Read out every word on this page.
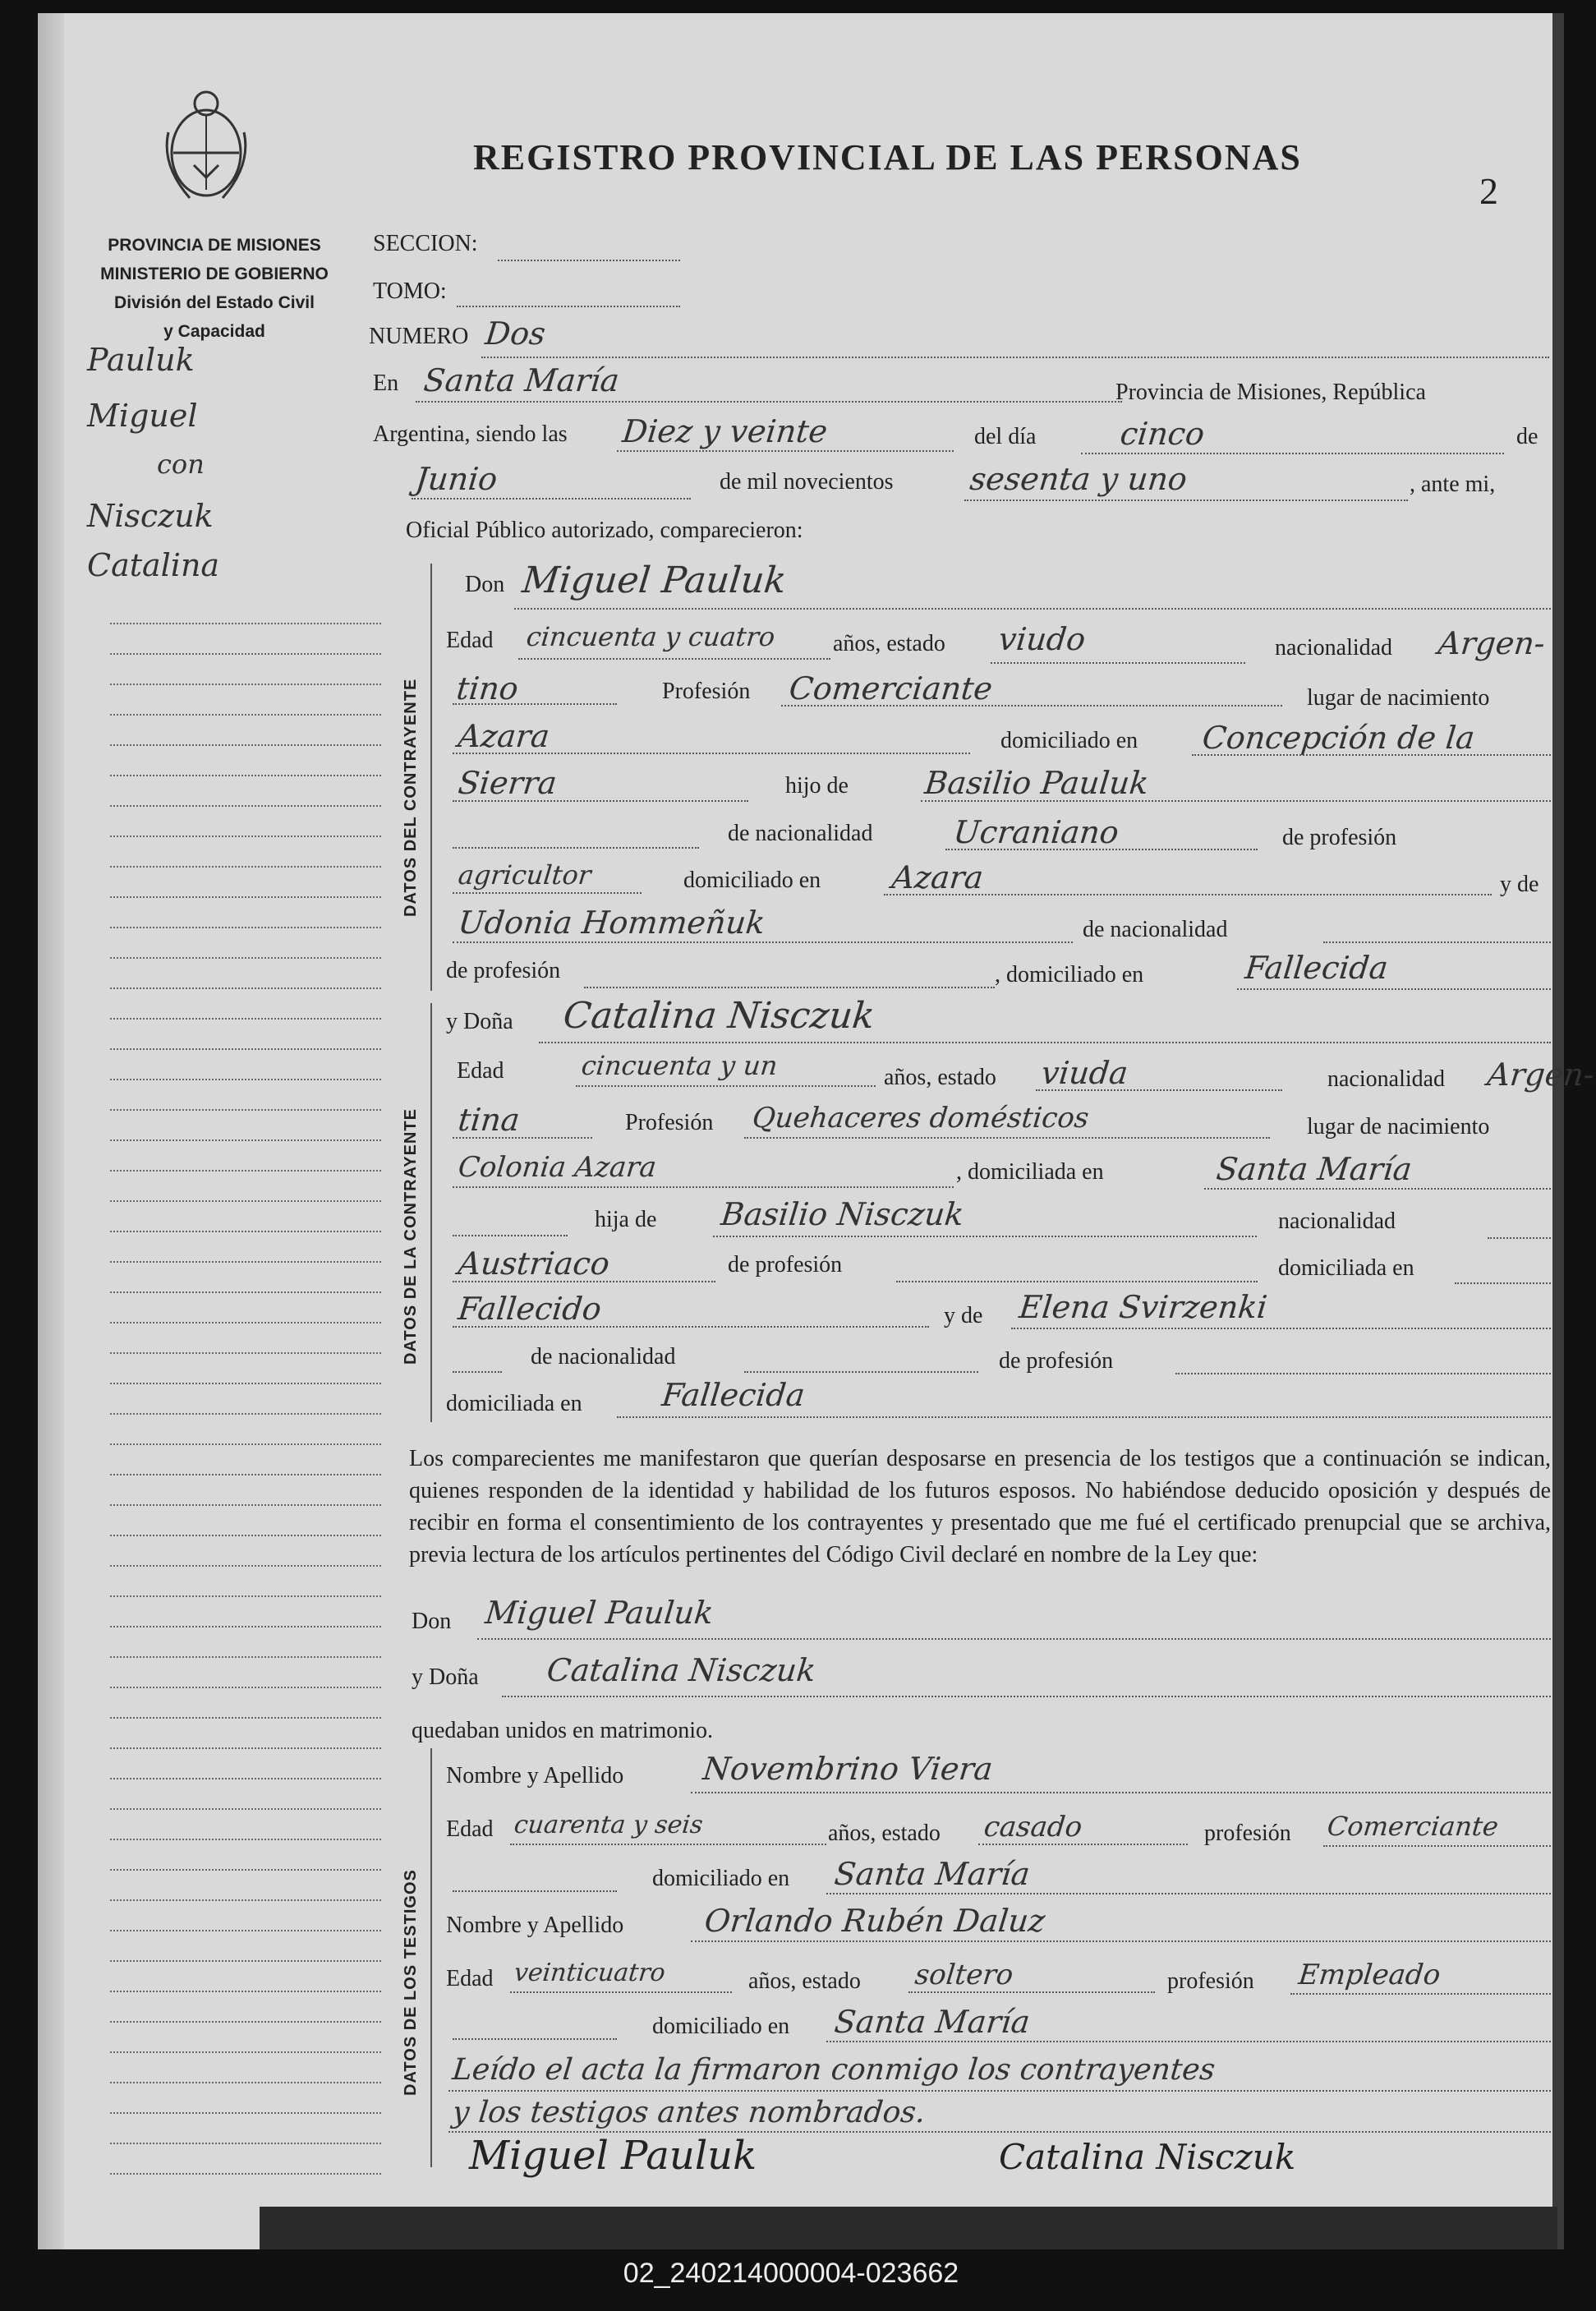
REGISTRO PROVINCIAL DE LAS PERSONAS
2
PROVINCIA DE MISIONES
MINISTERIO DE GOBIERNO
División del Estado Civil
y Capacidad
Pauluk
Miguel
con
Nisczuk
Catalina
SECCION:
TOMO:
NUMERO Dos
En Santa María	Provincia de Misiones, República
Argentina, siendo las Diez y veinte	del día	cinco	de
Junio	de mil novecientos sesenta y uno	, ante mi,
Oficial Público autorizado, comparecieron:
DATOS DEL CONTRAYENTE
Don Miguel Pauluk
Edad cincuenta y cuatro años, estado viudo	nacionalidad Argen-
tino	Profesión Comerciante	lugar de nacimiento
Azara	domiciliado en Concepción de la
Sierra	hijo de Basilio Pauluk
de nacionalidad	Ucraniano	de profesión
agricultor	domiciliado en Azara	y de
Udonia Hommeñuk	de nacionalidad
de profesión	, domiciliado en	Fallecida
DATOS DE LA CONTRAYENTE
y Doña Catalina Nisczuk
Edad	cincuenta y un	años, estado viuda	nacionalidad Argen-
tina	Profesión Quehaceres domésticos	lugar de nacimiento
Colonia Azara	, domiciliada en	Santa María
hija de Basilio Nisczuk	nacionalidad
Austriaco	de profesión	domiciliada en
Fallecido	y de Elena Svirzenki
de nacionalidad	de profesión
domiciliada en	Fallecida
Los comparecientes me manifestaron que querían desposarse en presencia de los testigos que a continuación se indican, quienes responden de la identidad y habilidad de los futuros esposos. No habiéndose deducido oposición y después de recibir en forma el consentimiento de los contrayentes y presentado que me fué el certificado prenupcial que se archiva, previa lectura de los artículos pertinentes del Código Civil declaré en nombre de la Ley que:
Don Miguel Pauluk
y Doña Catalina Nisczuk
quedaban unidos en matrimonio.
DATOS DE LOS TESTIGOS
Nombre y Apellido Novembrino Viera
Edad cuarenta y seis	años, estado casado	profesión Comerciante
domiciliado en Santa María
Nombre y Apellido	Orlando Rubén Daluz
Edad veinticuatro	años, estado soltero	profesión Empleado
domiciliado en Santa María
Leído el acta la firmaron conmigo los contrayentes
y los testigos antes nombrados.
Miguel Pauluk	Catalina Nisczuk
02_240214000004-023662
